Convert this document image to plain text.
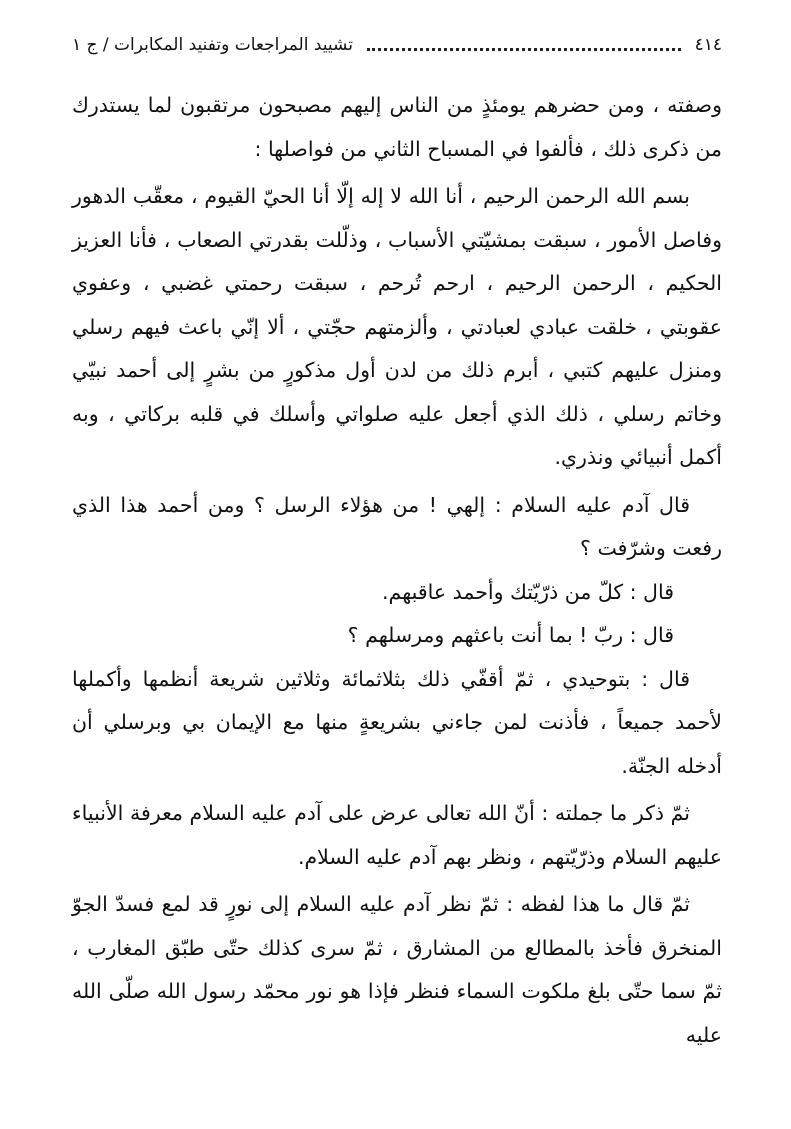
٤١٤
تشييد المراجعات وتفنيد المكابرات / ج ١

وصفته ، ومن حضرهم يومئذٍ من الناس إليهم مصبحون مرتقبون لما يستدرك من ذكرى ذلك ، فألفوا في المسباح الثاني من فواصلها :

بسم الله الرحمن الرحيم ، أنا الله لا إله إلّا أنا الحيّ القيوم ، معقّب الدهور وفاصل الأمور ، سبقت بمشيّتي الأسباب ، وذلّلت بقدرتي الصعاب ، فأنا العزيز الحكيم ، الرحمن الرحيم ، ارحم تُرحم ، سبقت رحمتي غضبي ، وعفوي عقوبتي ، خلقت عبادي لعبادتي ، وألزمتهم حجّتي ، ألا إنّي باعث فيهم رسلي ومنزل عليهم كتبي ، أبرم ذلك من لدن أول مذكورٍ من بشرٍ إلى أحمد نبيّي وخاتم رسلي ، ذلك الذي أجعل عليه صلواتي وأسلك في قلبه بركاتي ، وبه أكمل أنبيائي ونذري.

قال آدم عليه السلام : إلهي ! من هؤلاء الرسل ؟ ومن أحمد هذا الذي رفعت وشرّفت ؟

قال : كلّ من ذرّيّتك وأحمد عاقبهم.

قال : ربّ ! بما أنت باعثهم ومرسلهم ؟

قال : بتوحيدي ، ثمّ أقفّي ذلك بثلاثمائة وثلاثين شريعة أنظمها وأكملها لأحمد جميعاً ، فأذنت لمن جاءني بشريعةٍ منها مع الإيمان بي وبرسلي أن أدخله الجنّة.

ثمّ ذكر ما جملته : أنّ الله تعالى عرض على آدم عليه السلام معرفة الأنبياء عليهم السلام وذرّيّتهم ، ونظر بهم آدم عليه السلام.

ثمّ قال ما هذا لفظه : ثمّ نظر آدم عليه السلام إلى نورٍ قد لمع فسدّ الجوّ المنخرق فأخذ بالمطالع من المشارق ، ثمّ سرى كذلك حتّى طبّق المغارب ، ثمّ سما حتّى بلغ ملكوت السماء فنظر فإذا هو نور محمّد رسول الله صلّى الله عليه
